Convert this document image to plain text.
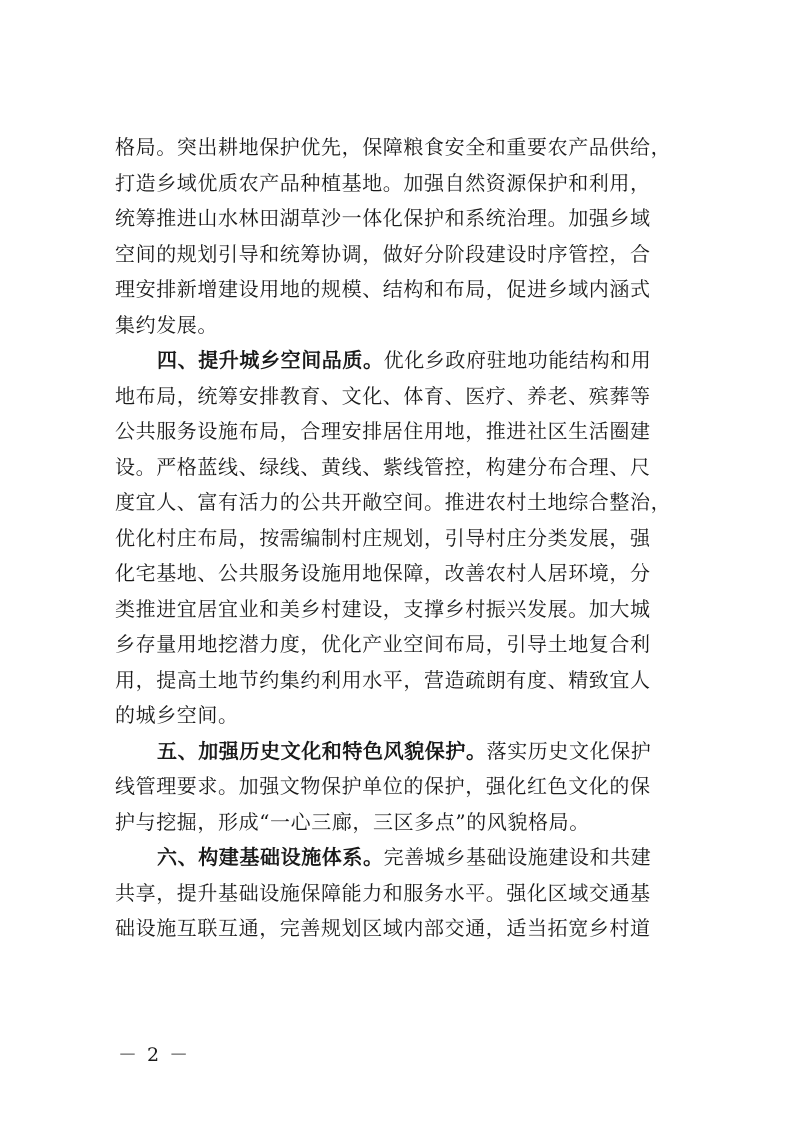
格局。突出耕地保护优先，保障粮食安全和重要农产品供给，
打造乡域优质农产品种植基地。加强自然资源保护和利用，
统筹推进山水林田湖草沙一体化保护和系统治理。加强乡域
空间的规划引导和统筹协调，做好分阶段建设时序管控，合
理安排新增建设用地的规模、结构和布局，促进乡域内涵式
集约发展。
四、提升城乡空间品质。优化乡政府驻地功能结构和用
地布局，统筹安排教育、文化、体育、医疗、养老、殡葬等
公共服务设施布局，合理安排居住用地，推进社区生活圈建
设。严格蓝线、绿线、黄线、紫线管控，构建分布合理、尺
度宜人、富有活力的公共开敞空间。推进农村土地综合整治，
优化村庄布局，按需编制村庄规划，引导村庄分类发展，强
化宅基地、公共服务设施用地保障，改善农村人居环境，分
类推进宜居宜业和美乡村建设，支撑乡村振兴发展。加大城
乡存量用地挖潜力度，优化产业空间布局，引导土地复合利
用，提高土地节约集约利用水平，营造疏朗有度、精致宜人
的城乡空间。
五、加强历史文化和特色风貌保护。落实历史文化保护
线管理要求。加强文物保护单位的保护，强化红色文化的保
护与挖掘，形成“一心三廊，三区多点”的风貌格局。
六、构建基础设施体系。完善城乡基础设施建设和共建
共享，提升基础设施保障能力和服务水平。强化区域交通基
础设施互联互通，完善规划区域内部交通，适当拓宽乡村道
－ 2 －
